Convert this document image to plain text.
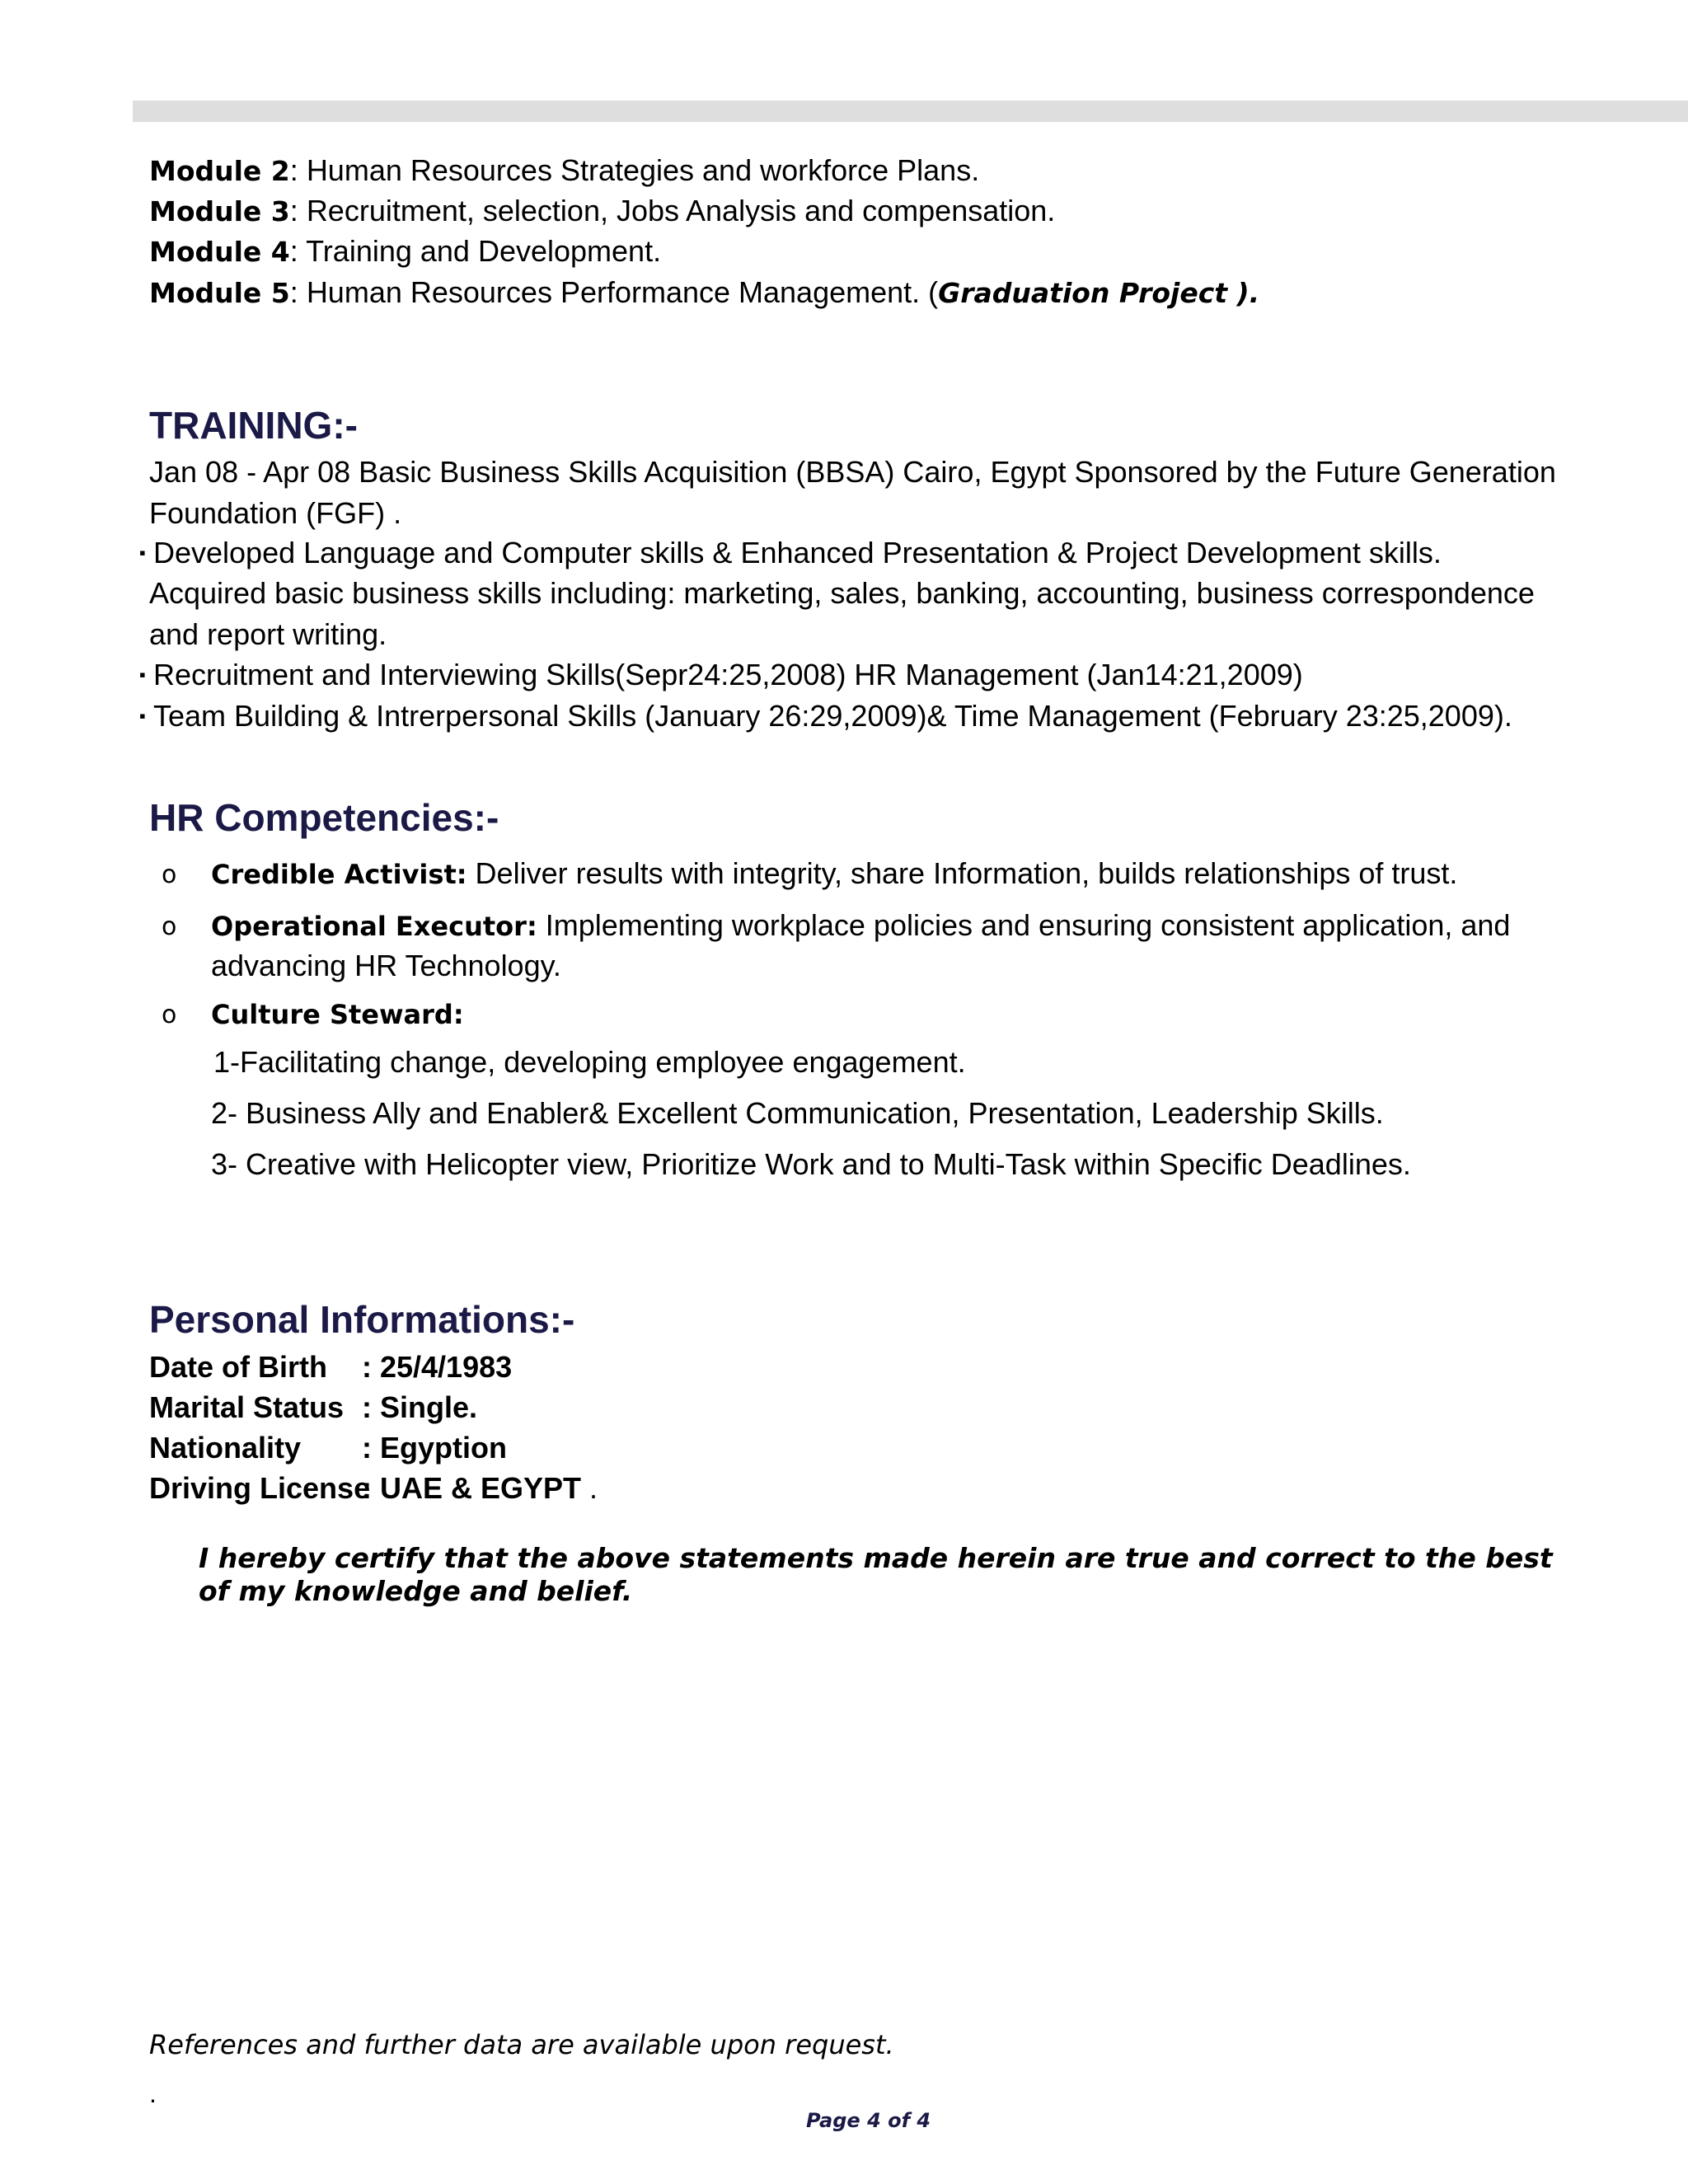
Module 2: Human Resources Strategies and workforce Plans.
Module 3: Recruitment, selection, Jobs Analysis and compensation.
Module 4: Training and Development.
Module 5: Human Resources Performance Management. (Graduation Project ).
TRAINING:-
Jan 08 - Apr 08 Basic Business Skills Acquisition (BBSA) Cairo, Egypt Sponsored by the Future Generation
Foundation (FGF) .
▪ Developed Language and Computer skills & Enhanced Presentation & Project Development skills.
Acquired basic business skills including: marketing, sales, banking, accounting, business correspondence
and report writing.
▪ Recruitment and Interviewing Skills(Sepr24:25,2008) HR Management (Jan14:21,2009)
▪ Team Building & Intrerpersonal Skills (January 26:29,2009)& Time Management (February 23:25,2009).
HR Competencies:-
o Credible Activist: Deliver results with integrity, share Information, builds relationships of trust.
o Operational Executor: Implementing workplace policies and ensuring consistent application, and
advancing HR Technology.
o Culture Steward:
1-Facilitating change, developing employee engagement.
2- Business Ally and Enabler& Excellent Communication, Presentation, Leadership Skills.
3- Creative with Helicopter view, Prioritize Work and to Multi-Task within Specific Deadlines.
Personal Informations:-
Date of Birth : 25/4/1983
Marital Status : Single.
Nationality : Egyption
Driving License: UAE & EGYPT .
I hereby certify that the above statements made herein are true and correct to the best
of my knowledge and belief.
References and further data are available upon request.
.
Page 4 of 4
